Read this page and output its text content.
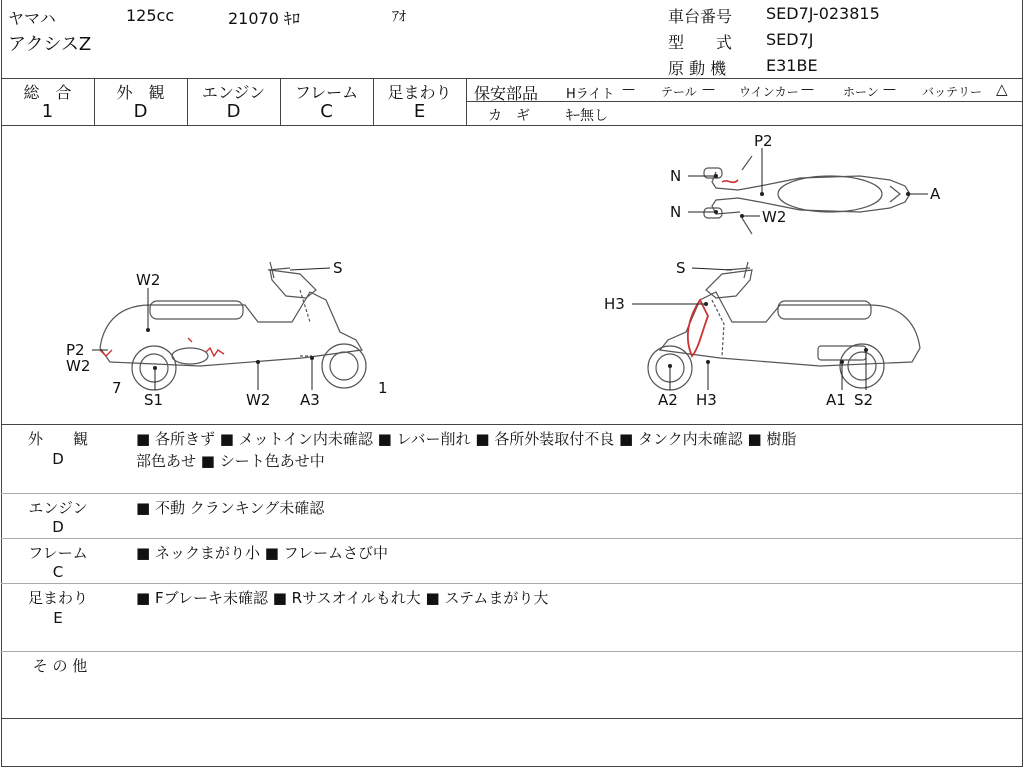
ヤマハ	125cc	21070 ｷﾛ	ｱｵ
アクシスZ
車台番号 SED7J-023815
型　　式 SED7J
原 動 機 E31BE
総　合
1
外　観
D
エンジン
D
フレーム
C
足まわり
E
保安部品 Hライト — テール — ウインカー — ホーン — バッテリー △
カ　ギ	ｷｰ無し
P2
N
N
A
W2
S
W2
P2
W2
7
S1	W2 A3
1
S
H3
A2 H3	A1 S2
外　　観
D
■ 各所きず ■ メットイン内未確認 ■ レバー削れ ■ 各所外装取付不良 ■ タンク内未確認 ■ 樹脂
部色あせ ■ シート色あせ中
エンジン
D
■ 不動 クランキング未確認
フレーム
C
■ ネックまがり小 ■ フレームさび中
足まわり
E
■ Fブレーキ未確認 ■ Rサスオイルもれ大 ■ ステムまがり大
そ の 他
